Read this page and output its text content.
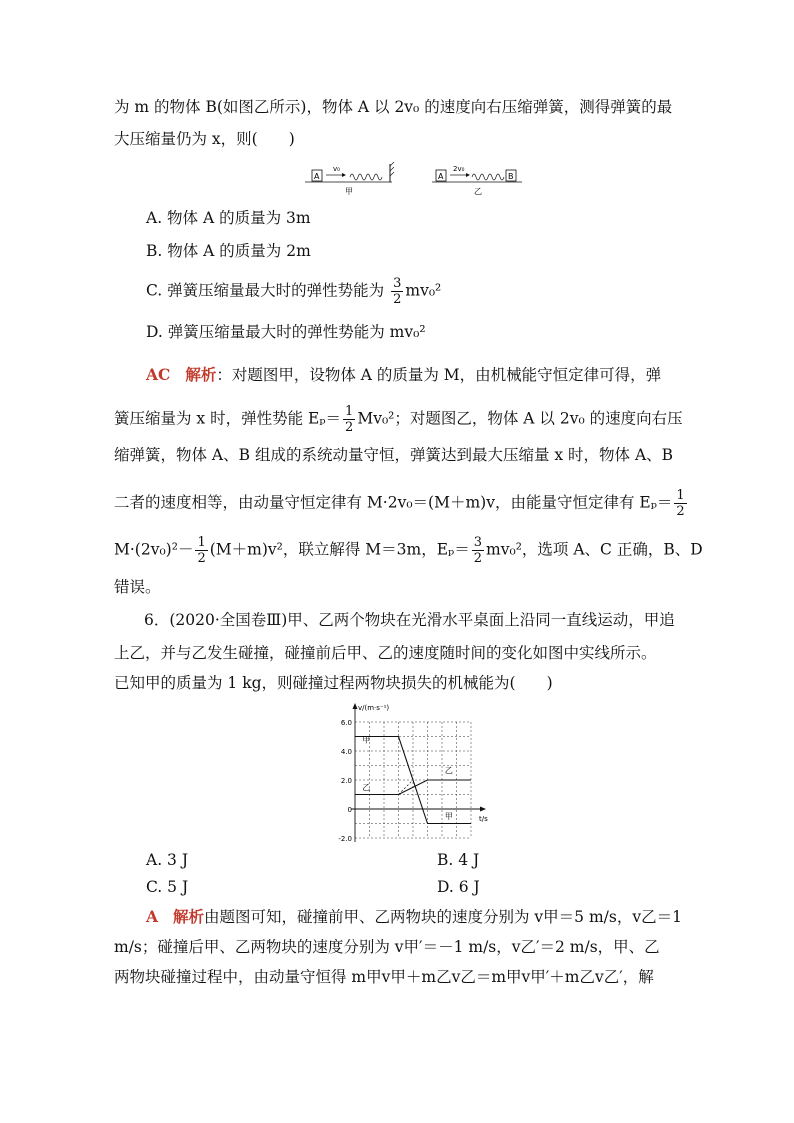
为 m 的物体 B(如图乙所示)，物体 A 以 2v₀ 的速度向右压缩弹簧，测得弹簧的最
大压缩量仍为 x，则(　　)
A
v₀
甲
A
2v₀
B
乙
A. 物体 A 的质量为 3m
B. 物体 A 的质量为 2m
C. 弹簧压缩量最大时的弹性势能为 $\frac{3}{2} mv_0^2$
D. 弹簧压缩量最大时的弹性势能为 mv₀²
AC 解析：对题图甲，设物体 A 的质量为 M，由机械能守恒定律可得，弹
簧压缩量为 x 时，弹性势能 $E_p= \frac{1}{2} Mv_0^2$；对题图乙，物体 A 以 2v₀ 的速度向右压
缩弹簧，物体 A、B 组成的系统动量守恒，弹簧达到最大压缩量 x 时，物体 A、B
二者的速度相等，由动量守恒定律有 M·2v₀＝(M＋m)v，由能量守恒定律有 $E_p= \frac{1}{2}$
$M\cdot(2v_0)^2- \frac{1}{2} (M+m)v^2$，联立解得 M＝3m，$E_p= \frac{3}{2} mv_0^2$，选项 A、C 正确，B、D
错误。
6．(2020·全国卷Ⅲ)甲、乙两个物块在光滑水平桌面上沿同一直线运动，甲追
上乙，并与乙发生碰撞，碰撞前后甲、乙的速度随时间的变化如图中实线所示。
已知甲的质量为 1 kg，则碰撞过程两物块损失的机械能为(　　)
v/(m·s⁻¹)
t/s
6.0
4.0
2.0
0
-2.0
甲
乙
乙
甲
A. 3 J	B. 4 J
C. 5 J	D. 6 J
A 解析由题图可知，碰撞前甲、乙两物块的速度分别为 v甲＝5 m/s，v乙＝1
m/s；碰撞后甲、乙两物块的速度分别为 v甲′＝－1 m/s，v乙′＝2 m/s，甲、乙
两物块碰撞过程中，由动量守恒得 m甲v甲＋m乙v乙＝m甲v甲′＋m乙v乙′，解
